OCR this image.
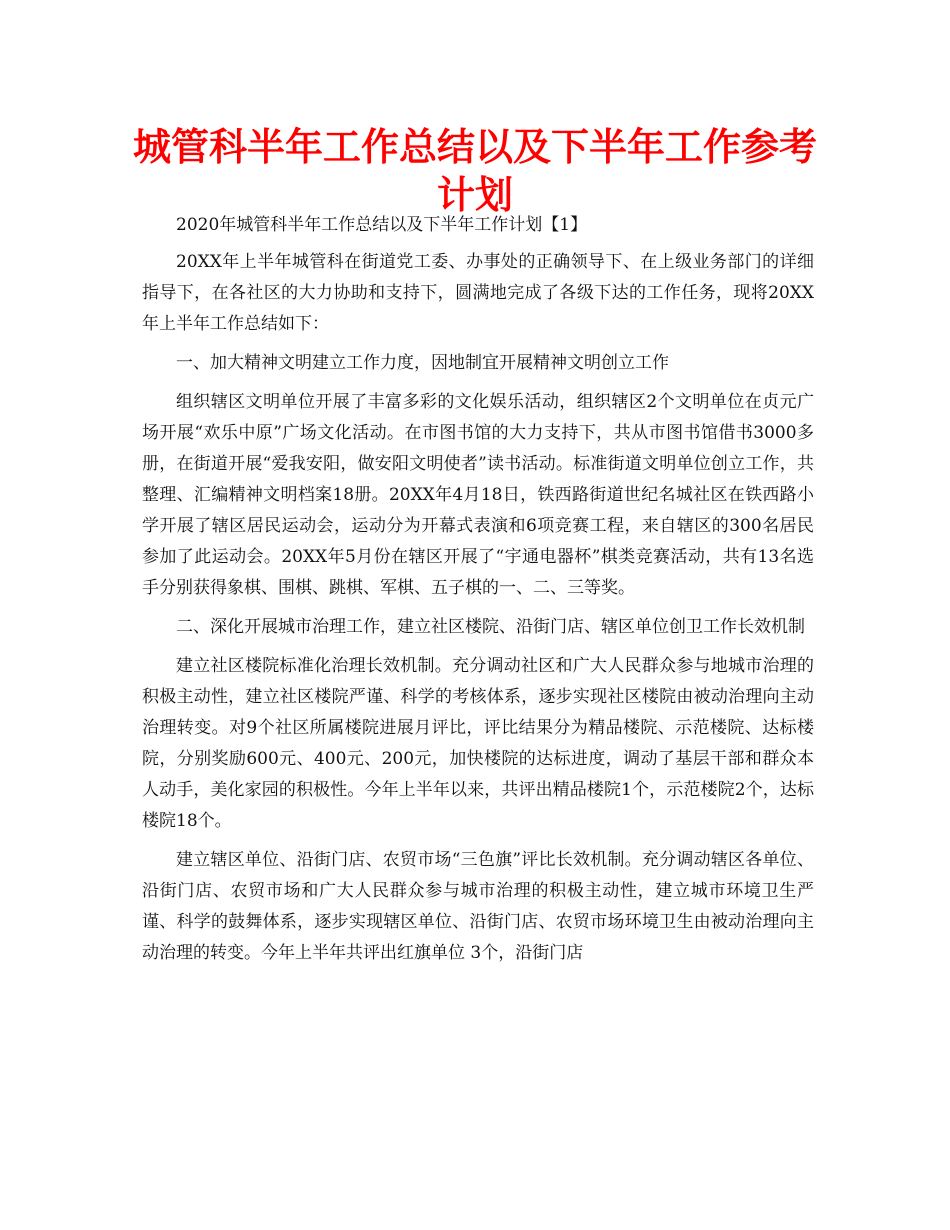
城管科半年工作总结以及下半年工作参考
计划

2020年城管科半年工作总结以及下半年工作计划【1】

20XX年上半年城管科在街道党工委、办事处的正确领导下、在上级业务部门的详细指导下，在各社区的大力协助和支持下，圆满地完成了各级下达的工作任务，现将20XX年上半年工作总结如下：

一、加大精神文明建立工作力度，因地制宜开展精神文明创立工作

组织辖区文明单位开展了丰富多彩的文化娱乐活动，组织辖区2个文明单位在贞元广场开展“欢乐中原”广场文化活动。在市图书馆的大力支持下，共从市图书馆借书3000多册，在街道开展“爱我安阳，做安阳文明使者”读书活动。标准街道文明单位创立工作，共整理、汇编精神文明档案18册。20XX年4月18日，铁西路街道世纪名城社区在铁西路小学开展了辖区居民运动会，运动分为开幕式表演和6项竞赛工程，来自辖区的300名居民参加了此运动会。20XX年5月份在辖区开展了“宇通电器杯”棋类竞赛活动，共有13名选手分别获得象棋、围棋、跳棋、军棋、五子棋的一、二、三等奖。

二、深化开展城市治理工作，建立社区楼院、沿街门店、辖区单位创卫工作长效机制

建立社区楼院标准化治理长效机制。充分调动社区和广大人民群众参与地城市治理的积极主动性，建立社区楼院严谨、科学的考核体系，逐步实现社区楼院由被动治理向主动治理转变。对9个社区所属楼院进展月评比，评比结果分为精品楼院、示范楼院、达标楼院，分别奖励600元、400元、200元，加快楼院的达标进度，调动了基层干部和群众本人动手，美化家园的积极性。今年上半年以来，共评出精品楼院1个，示范楼院2个，达标楼院18个。

建立辖区单位、沿街门店、农贸市场“三色旗”评比长效机制。充分调动辖区各单位、沿街门店、农贸市场和广大人民群众参与城市治理的积极主动性，建立城市环境卫生严谨、科学的鼓舞体系，逐步实现辖区单位、沿街门店、农贸市场环境卫生由被动治理向主动治理的转变。今年上半年共评出红旗单位 3个，沿街门店
